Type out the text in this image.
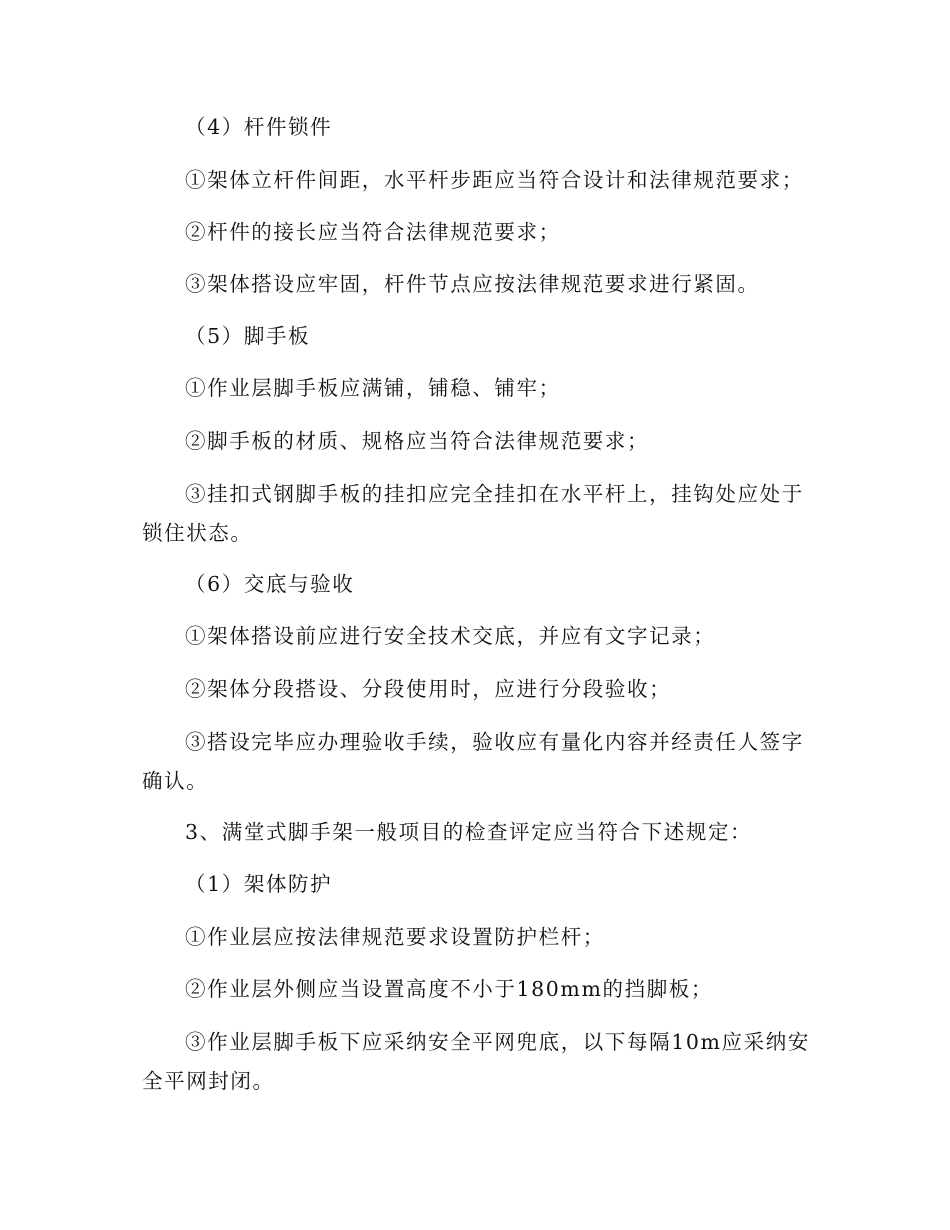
（4）杆件锁件
①架体立杆件间距，水平杆步距应当符合设计和法律规范要求；
②杆件的接长应当符合法律规范要求；
③架体搭设应牢固，杆件节点应按法律规范要求进行紧固。
（5）脚手板
①作业层脚手板应满铺，铺稳、铺牢；
②脚手板的材质、规格应当符合法律规范要求；
③挂扣式钢脚手板的挂扣应完全挂扣在水平杆上，挂钩处应处于
锁住状态。
（6）交底与验收
①架体搭设前应进行安全技术交底，并应有文字记录；
②架体分段搭设、分段使用时，应进行分段验收；
③搭设完毕应办理验收手续，验收应有量化内容并经责任人签字
确认。
3、满堂式脚手架一般项目的检查评定应当符合下述规定：
（1）架体防护
①作业层应按法律规范要求设置防护栏杆；
②作业层外侧应当设置高度不小于180mm的挡脚板；
③作业层脚手板下应采纳安全平网兜底，以下每隔10m应采纳安
全平网封闭。
